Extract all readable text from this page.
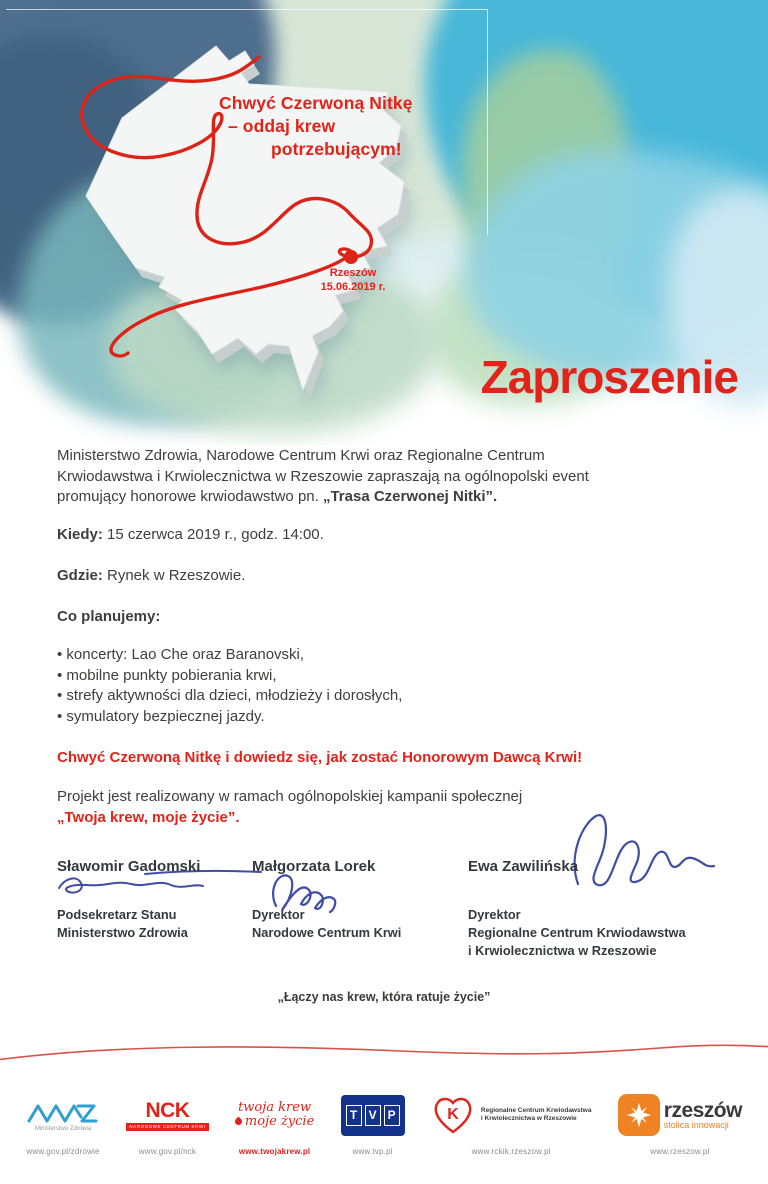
Chwyć Czerwoną Nitkę
– oddaj krew
potrzebującym!
Rzeszów
15.06.2019 r.
Zaproszenie
Ministerstwo Zdrowia, Narodowe Centrum Krwi oraz Regionalne Centrum Krwiodawstwa i Krwiolecznictwa w Rzeszowie zapraszają na ogólnopolski event promujący honorowe krwiodawstwo pn. „Trasa Czerwonej Nitki”.
Kiedy: 15 czerwca 2019 r., godz. 14:00.
Gdzie: Rynek w Rzeszowie.
Co planujemy:
• koncerty: Lao Che oraz Baranovski,
• mobilne punkty pobierania krwi,
• strefy aktywności dla dzieci, młodzieży i dorosłych,
• symulatory bezpiecznej jazdy.
Chwyć Czerwoną Nitkę i dowiedz się, jak zostać Honorowym Dawcą Krwi!
Projekt jest realizowany w ramach ogólnopolskiej kampanii społecznej
„Twoja krew, moje życie”.
Sławomir Gadomski
Podsekretarz Stanu
Ministerstwo Zdrowia
Małgorzata Lorek
Dyrektor
Narodowe Centrum Krwi
Ewa Zawilińska
Dyrektor
Regionalne Centrum Krwiodawstwa
i Krwiolecznictwa w Rzeszowie
„Łączy nas krew, która ratuje życie”
Ministerstwo Zdrowia
www.gov.pl/zdrowie
NCK
NARODOWE CENTRUM KRWI
www.gov.pl/nck
twoja krew
moje życie
www.twojakrew.pl
T V P
www.tvp.pl
K	Regionalne Centrum Krwiodawstwa
i Krwiolecznictwa w Rzeszowie
www.rckik.rzeszow.pl
rzeszów
stolica innowacji
www.rzeszow.pl
